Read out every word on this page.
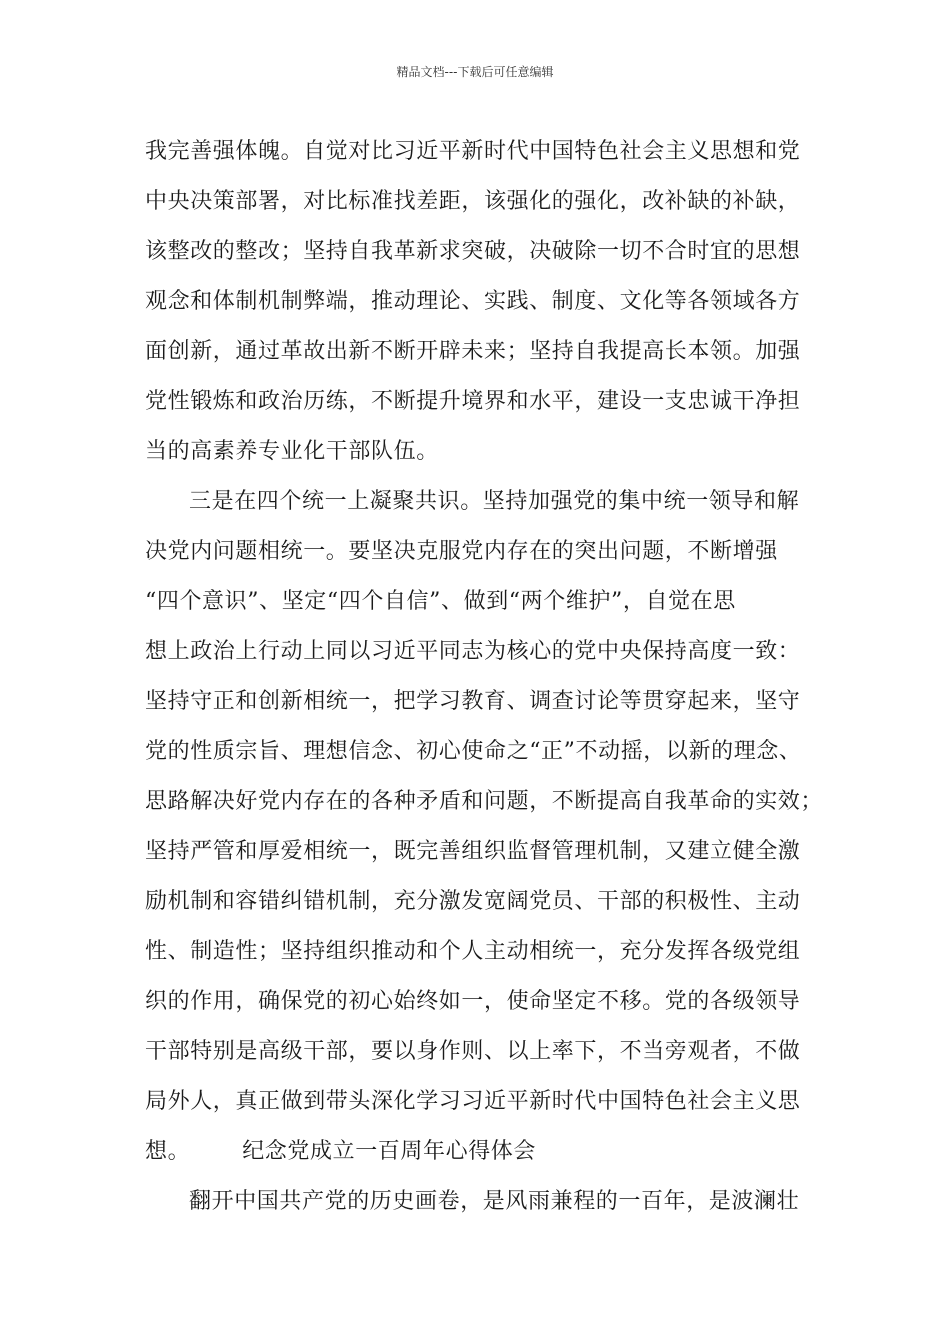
精品文档---下载后可任意编辑
我完善强体魄。自觉对比习近平新时代中国特色社会主义思想和党
中央决策部署，对比标准找差距，该强化的强化，改补缺的补缺，
该整改的整改；坚持自我革新求突破，决破除一切不合时宜的思想
观念和体制机制弊端，推动理论、实践、制度、文化等各领域各方
面创新，通过革故出新不断开辟未来；坚持自我提高长本领。加强
党性锻炼和政治历练，不断提升境界和水平，建设一支忠诚干净担
当的高素养专业化干部队伍。
三是在四个统一上凝聚共识。坚持加强党的集中统一领导和解
决党内问题相统一。要坚决克服党内存在的突出问题，不断增强
“四个意识”、坚定“四个自信”、做到“两个维护”，自觉在思
想上政治上行动上同以习近平同志为核心的党中央保持高度一致：
坚持守正和创新相统一，把学习教育、调查讨论等贯穿起来，坚守
党的性质宗旨、理想信念、初心使命之“正”不动摇，以新的理念、
思路解决好党内存在的各种矛盾和问题，不断提高自我革命的实效；
坚持严管和厚爱相统一，既完善组织监督管理机制，又建立健全激
励机制和容错纠错机制，充分激发宽阔党员、干部的积极性、主动
性、制造性；坚持组织推动和个人主动相统一，充分发挥各级党组
织的作用，确保党的初心始终如一，使命坚定不移。党的各级领导
干部特别是高级干部，要以身作则、以上率下，不当旁观者，不做
局外人，真正做到带头深化学习习近平新时代中国特色社会主义思
想。 纪念党成立一百周年心得体会
翻开中国共产党的历史画卷，是风雨兼程的一百年，是波澜壮
